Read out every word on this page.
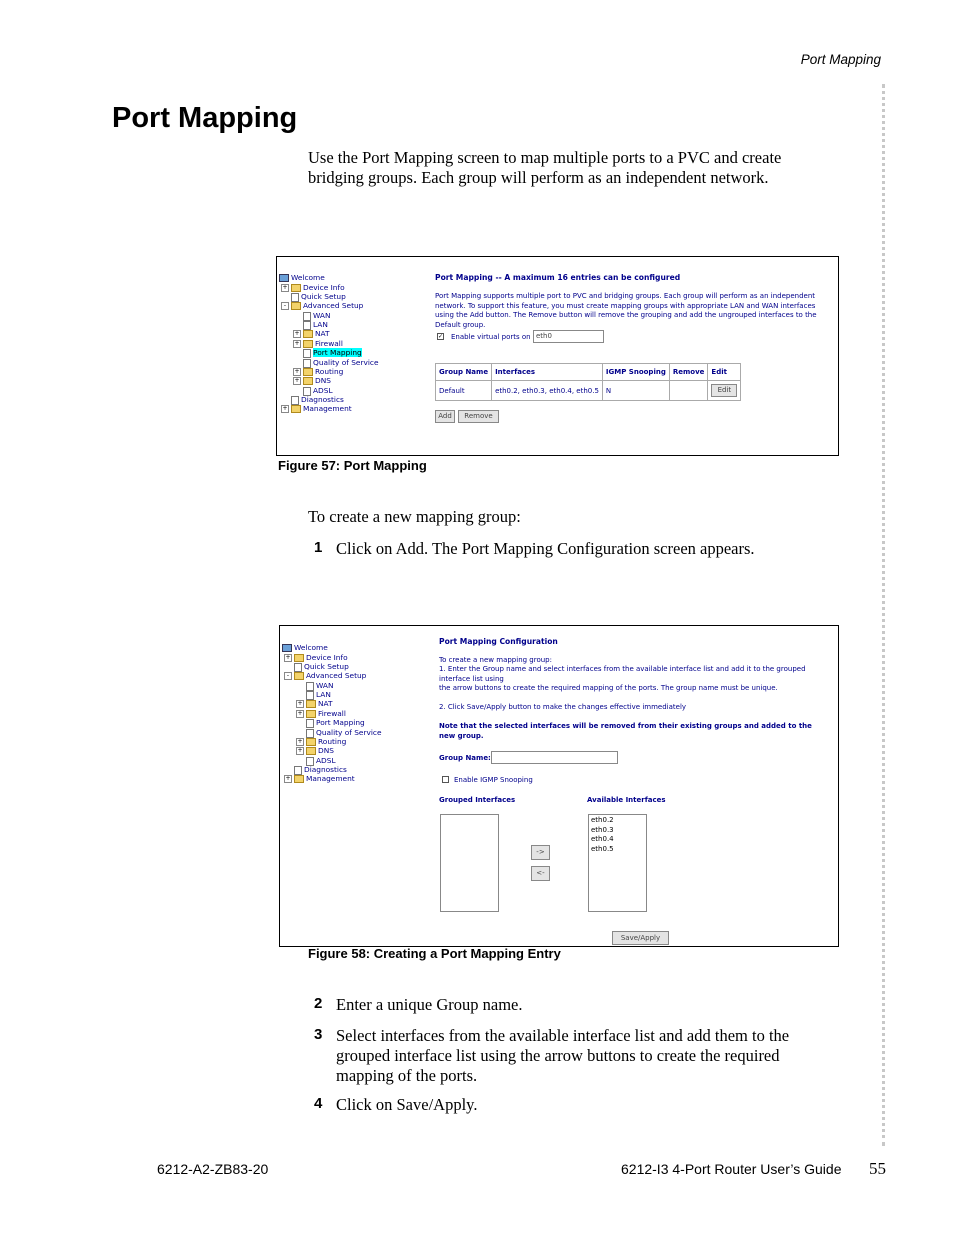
Port Mapping
Port Mapping
Use the Port Mapping screen to map multiple ports to a PVC and create bridging groups. Each group will perform as an independent network.
Welcome
+ Device Info
Quick Setup
- Advanced Setup
WAN
LAN
+ NAT
+ Firewall
Port Mapping
Quality of Service
+ Routing
+ DNS
ADSL
Diagnostics
+ Management
Port Mapping -- A maximum 16 entries can be configured
Port Mapping supports multiple port to PVC and bridging groups. Each group will perform as an independent network. To support this feature, you must create mapping groups with appropriate LAN and WAN interfaces using the Add button. The Remove button will remove the grouping and add the ungrouped interfaces to the Default group.
✓ Enable virtual ports on eth0
Group Name	Interfaces	IGMP Snooping	Remove	Edit
Default	eth0.2, eth0.3, eth0.4, eth0.5	N		Edit
Add	Remove
Figure 57: Port Mapping
To create a new mapping group:
1 Click on Add. The Port Mapping Configuration screen appears.
Welcome
+ Device Info
Quick Setup
- Advanced Setup
WAN
LAN
+ NAT
+ Firewall
Port Mapping
Quality of Service
+ Routing
+ DNS
ADSL
Diagnostics
+ Management
Port Mapping Configuration
To create a new mapping group:
1. Enter the Group name and select interfaces from the available interface list and add it to the grouped interface list using
the arrow buttons to create the required mapping of the ports. The group name must be unique.
2. Click Save/Apply button to make the changes effective immediately
Note that the selected interfaces will be removed from their existing groups and added to the new group.
Group Name:
Enable IGMP Snooping
Grouped Interfaces	Available Interfaces
->
<-
eth0.2
eth0.3
eth0.4
eth0.5
Save/Apply
Figure 58: Creating a Port Mapping Entry
2 Enter a unique Group name.
3 Select interfaces from the available interface list and add them to the grouped interface list using the arrow buttons to create the required mapping of the ports.
4 Click on Save/Apply.
6212-A2-ZB83-20	6212-I3 4-Port Router User’s Guide 55
